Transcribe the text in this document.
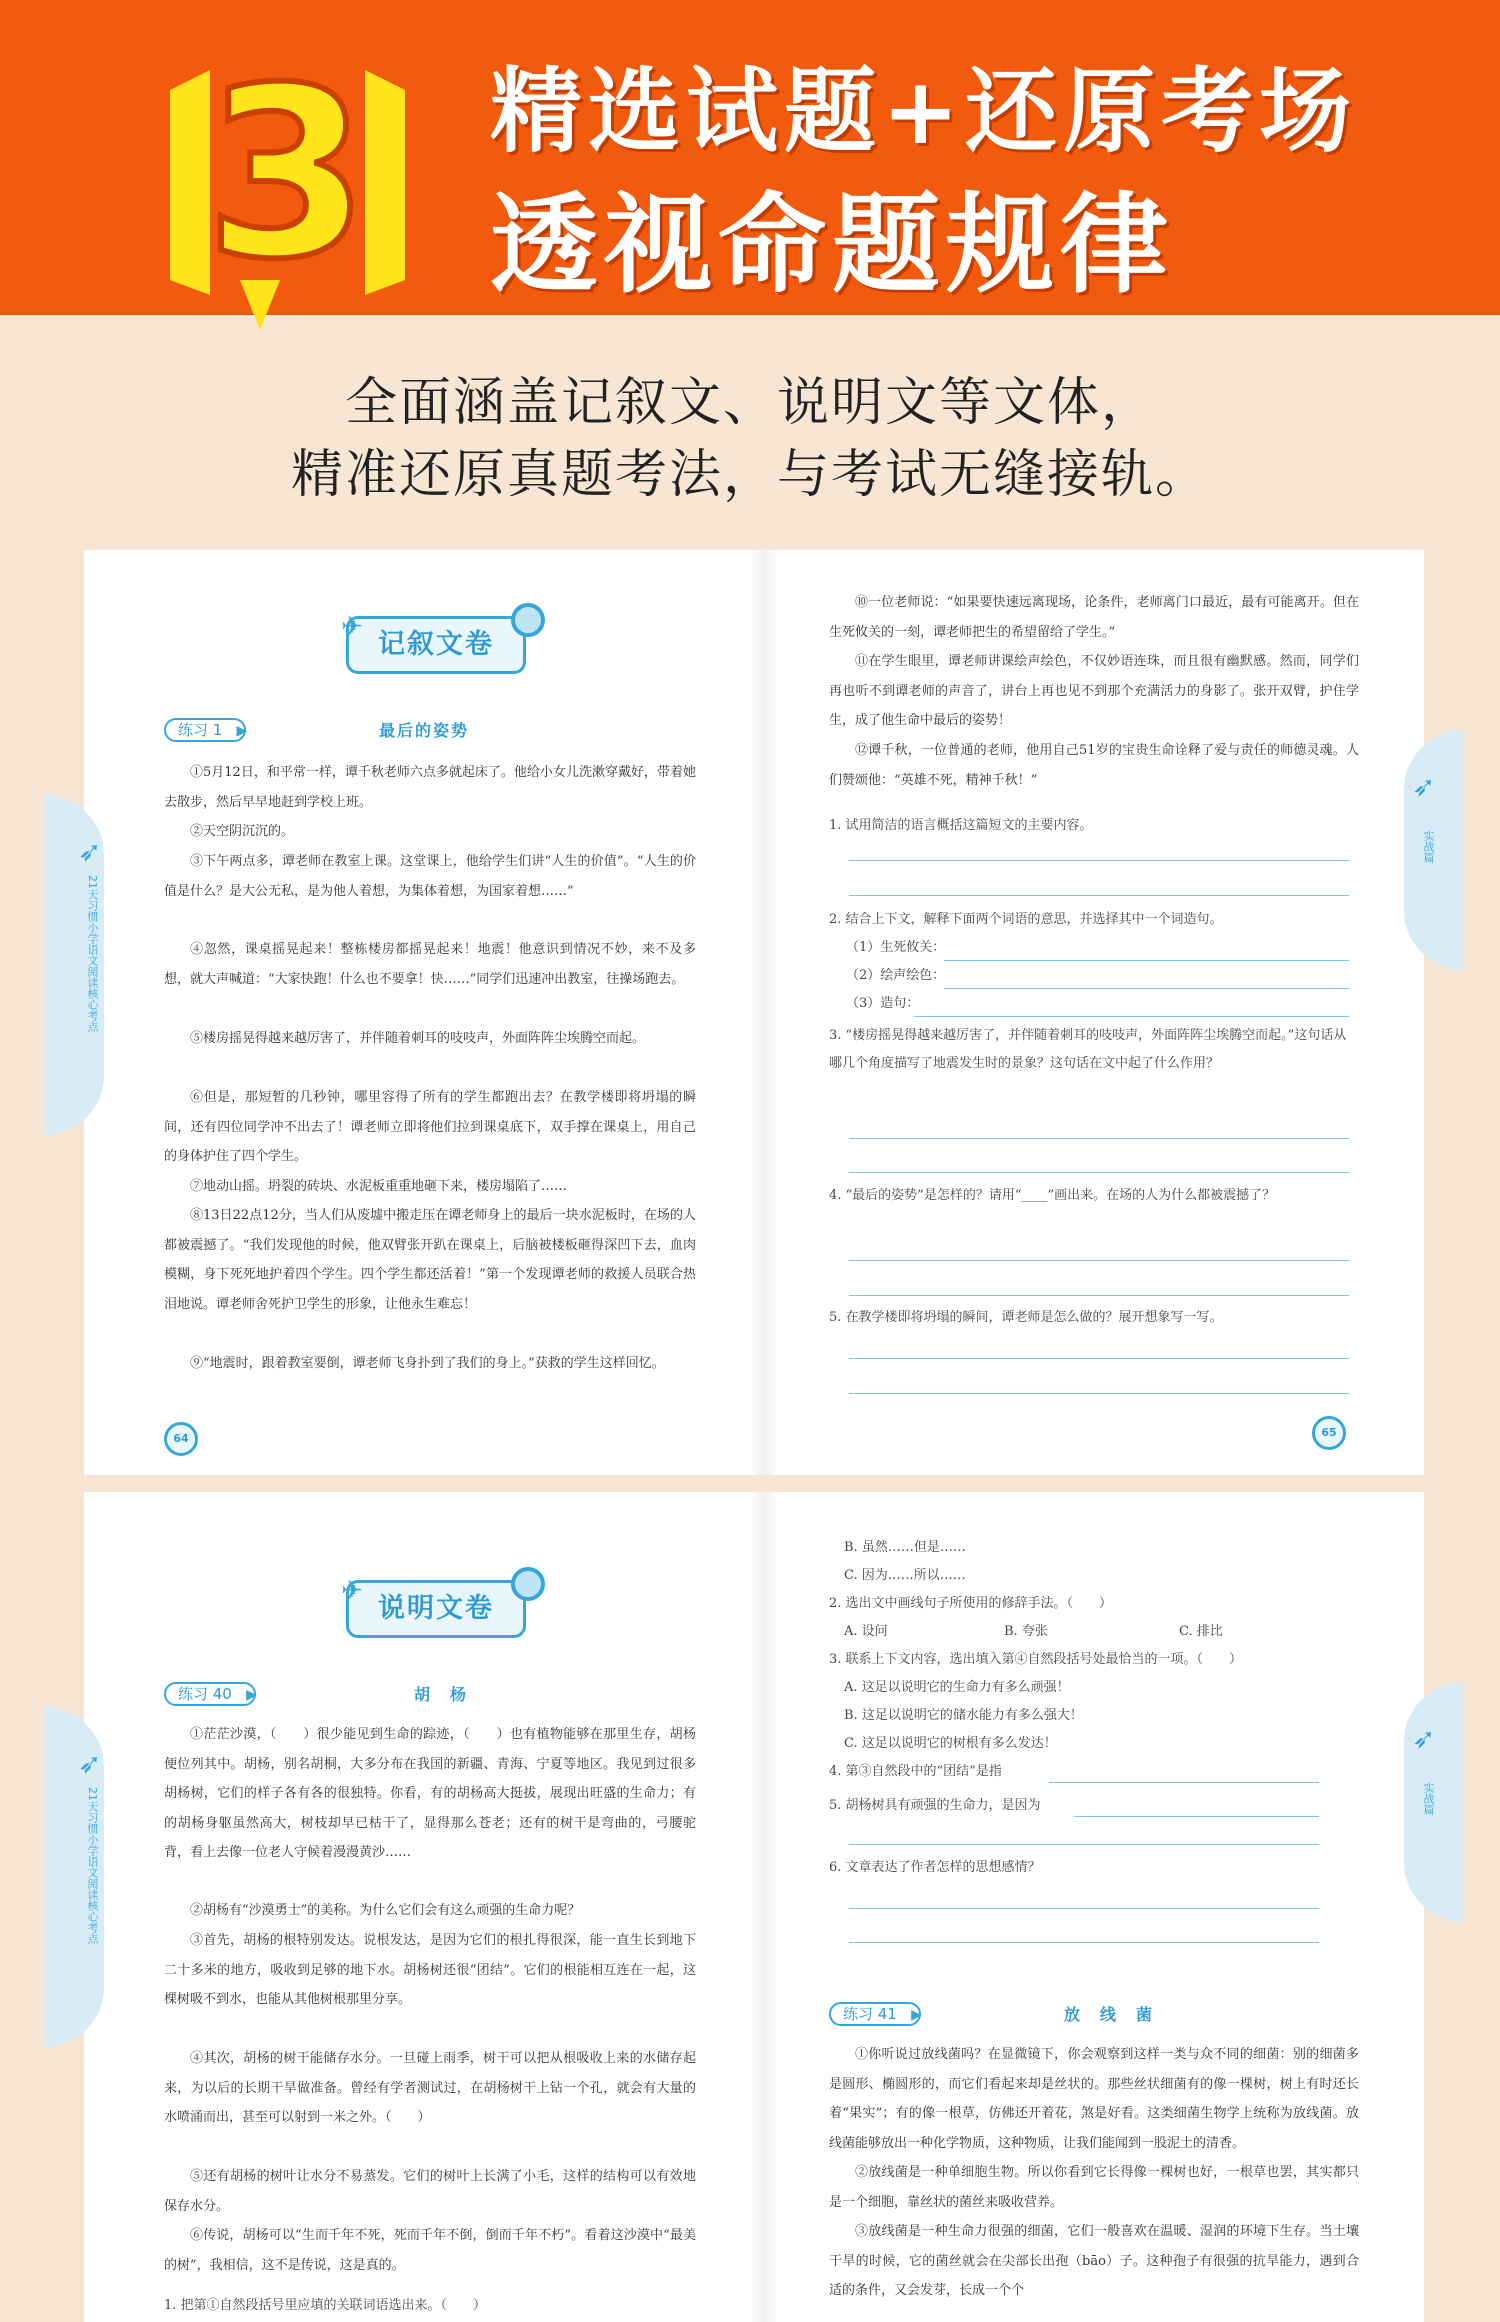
3 精选试题+还原考场
透视命题规律
全面涵盖记叙文、说明文等文体，
精准还原真题考法，与考试无缝接轨。
➶
21天习惯小学语文阅读核心考点
➶
实战篇
✈
记叙文卷
练习 1 ▶	最后的姿势
①5月12日，和平常一样，谭千秋老师六点多就起床了。他给小女儿洗漱穿戴好，带着她去散步，然后早早地赶到学校上班。
②天空阴沉沉的。
③下午两点多，谭老师在教室上课。这堂课上，他给学生们讲“人生的价值”。“人生的价值是什么？是大公无私，是为他人着想，为集体着想，为国家着想……”
④忽然，课桌摇晃起来！整栋楼房都摇晃起来！地震！他意识到情况不妙，来不及多想，就大声喊道：“大家快跑！什么也不要拿！快……”同学们迅速冲出教室，往操场跑去。
⑤楼房摇晃得越来越厉害了，并伴随着刺耳的吱吱声，外面阵阵尘埃腾空而起。
⑥但是，那短暂的几秒钟，哪里容得了所有的学生都跑出去？在教学楼即将坍塌的瞬间，还有四位同学冲不出去了！谭老师立即将他们拉到课桌底下，双手撑在课桌上，用自己的身体护住了四个学生。
⑦地动山摇。坍裂的砖块、水泥板重重地砸下来，楼房塌陷了……
⑧13日22点12分，当人们从废墟中搬走压在谭老师身上的最后一块水泥板时，在场的人都被震撼了。“我们发现他的时候，他双臂张开趴在课桌上，后脑被楼板砸得深凹下去，血肉模糊，身下死死地护着四个学生。四个学生都还活着！”第一个发现谭老师的救援人员联合热泪地说。谭老师舍死护卫学生的形象，让他永生难忘！
⑨“地震时，跟着教室要倒，谭老师飞身扑到了我们的身上。”获救的学生这样回忆。
64
⑩一位老师说：“如果要快速远离现场，论条件，老师离门口最近，最有可能离开。但在生死攸关的一刻，谭老师把生的希望留给了学生。”
⑪在学生眼里，谭老师讲课绘声绘色，不仅妙语连珠，而且很有幽默感。然而，同学们再也听不到谭老师的声音了，讲台上再也见不到那个充满活力的身影了。张开双臂，护住学生，成了他生命中最后的姿势！
⑫谭千秋，一位普通的老师，他用自己51岁的宝贵生命诠释了爱与责任的师德灵魂。人们赞颂他：“英雄不死，精神千秋！”
1. 试用简洁的语言概括这篇短文的主要内容。
2. 结合上下文，解释下面两个词语的意思，并选择其中一个词造句。
（1）生死攸关：
（2）绘声绘色：
（3）造句：
3. “楼房摇晃得越来越厉害了，并伴随着刺耳的吱吱声，外面阵阵尘埃腾空而起。”这句话从哪几个角度描写了地震发生时的景象？这句话在文中起了什么作用？
4. “最后的姿势”是怎样的？请用“____”画出来。在场的人为什么都被震撼了？
5. 在教学楼即将坍塌的瞬间，谭老师是怎么做的？展开想象写一写。
65
➶
21天习惯小学语文阅读核心考点
➶
实战篇
✈
说明文卷
练习 40 ▶	胡　杨
①茫茫沙漠，（　　）很少能见到生命的踪迹，（　　）也有植物能够在那里生存，胡杨便位列其中。胡杨，别名胡桐，大多分布在我国的新疆、青海、宁夏等地区。我见到过很多胡杨树，它们的样子各有各的很独特。你看，有的胡杨高大挺拔，展现出旺盛的生命力；有的胡杨身躯虽然高大，树枝却早已枯干了，显得那么苍老；还有的树干是弯曲的，弓腰驼背，看上去像一位老人守候着漫漫黄沙……
②胡杨有“沙漠勇士”的美称。为什么它们会有这么顽强的生命力呢？
③首先，胡杨的根特别发达。说根发达，是因为它们的根扎得很深，能一直生长到地下二十多米的地方，吸收到足够的地下水。胡杨树还很“团结”。它们的根能相互连在一起，这棵树吸不到水，也能从其他树根那里分享。
④其次，胡杨的树干能储存水分。一旦碰上雨季，树干可以把从根吸收上来的水储存起来，为以后的长期干旱做准备。曾经有学者测试过，在胡杨树干上钻一个孔，就会有大量的水喷涌而出，甚至可以射到一米之外。（　　）
⑤还有胡杨的树叶让水分不易蒸发。它们的树叶上长满了小毛，这样的结构可以有效地保存水分。
⑥传说，胡杨可以“生而千年不死，死而千年不倒，倒而千年不朽”。看着这沙漠中“最美的树”，我相信，这不是传说，这是真的。
1. 把第①自然段括号里应填的关联词语选出来。（　　）
B. 虽然……但是……
C. 因为……所以……
2. 选出文中画线句子所使用的修辞手法。（　　）
A. 设问	B. 夸张	C. 排比
3. 联系上下文内容，选出填入第④自然段括号处最恰当的一项。（　　）
A. 这足以说明它的生命力有多么顽强！
B. 这足以说明它的储水能力有多么强大！
C. 这足以说明它的树根有多么发达！
4. 第③自然段中的“团结”是指
5. 胡杨树具有顽强的生命力，是因为
6. 文章表达了作者怎样的思想感情？
练习 41 ▶	放　线　菌
①你听说过放线菌吗？在显微镜下，你会观察到这样一类与众不同的细菌：别的细菌多是圆形、椭圆形的，而它们看起来却是丝状的。那些丝状细菌有的像一棵树，树上有时还长着“果实”；有的像一根草，仿佛还开着花，煞是好看。这类细菌生物学上统称为放线菌。放线菌能够放出一种化学物质，这种物质，让我们能闻到一股泥土的清香。
②放线菌是一种单细胞生物。所以你看到它长得像一棵树也好，一根草也罢，其实都只是一个细胞，靠丝状的菌丝来吸收营养。
③放线菌是一种生命力很强的细菌，它们一般喜欢在温暖、湿润的环境下生存。当土壤干旱的时候，它的菌丝就会在尖部长出孢（bāo）子。这种孢子有很强的抗旱能力，遇到合适的条件，又会发芽，长成一个个
